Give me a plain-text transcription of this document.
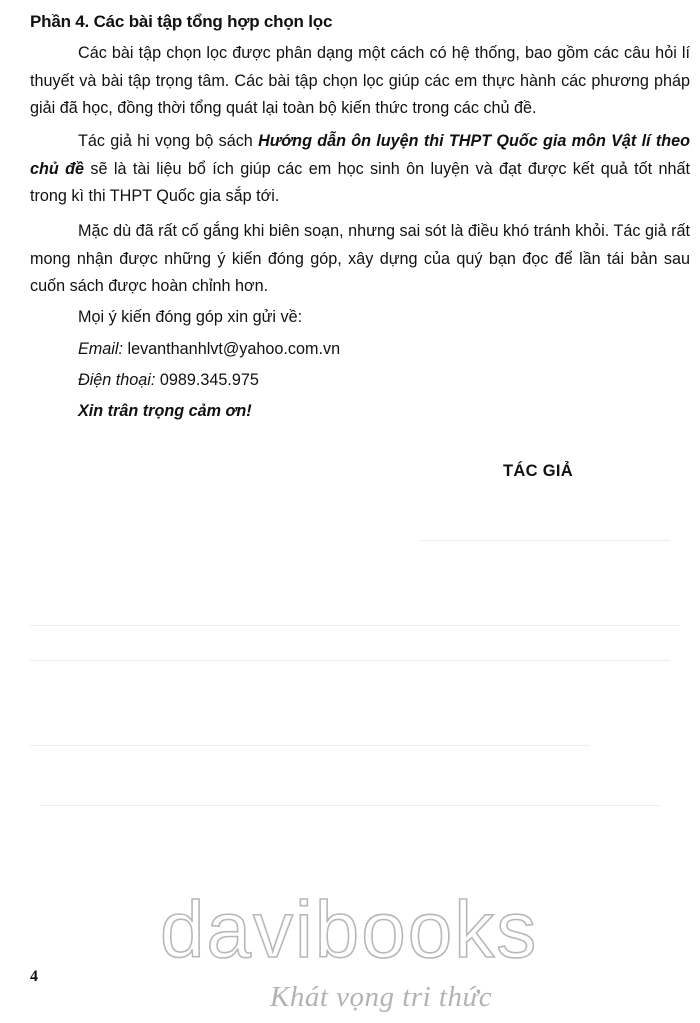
Phần 4. Các bài tập tổng hợp chọn lọc

Các bài tập chọn lọc được phân dạng một cách có hệ thống, bao gồm các câu hỏi lí thuyết và bài tập trọng tâm. Các bài tập chọn lọc giúp các em thực hành các phương pháp giải đã học, đồng thời tổng quát lại toàn bộ kiến thức trong các chủ đề.

Tác giả hi vọng bộ sách Hướng dẫn ôn luyện thi THPT Quốc gia môn Vật lí theo chủ đề sẽ là tài liệu bổ ích giúp các em học sinh ôn luyện và đạt được kết quả tốt nhất trong kì thi THPT Quốc gia sắp tới.

Mặc dù đã rất cố gắng khi biên soạn, nhưng sai sót là điều khó tránh khỏi. Tác giả rất mong nhận được những ý kiến đóng góp, xây dựng của quý bạn đọc để lần tái bản sau cuốn sách được hoàn chỉnh hơn.

Mọi ý kiến đóng góp xin gửi về:
Email: levanthanhlvt@yahoo.com.vn
Điện thoại: 0989.345.975
Xin trân trọng cảm ơn!
TÁC GIẢ
4
davibooks
Khát vọng tri thức
